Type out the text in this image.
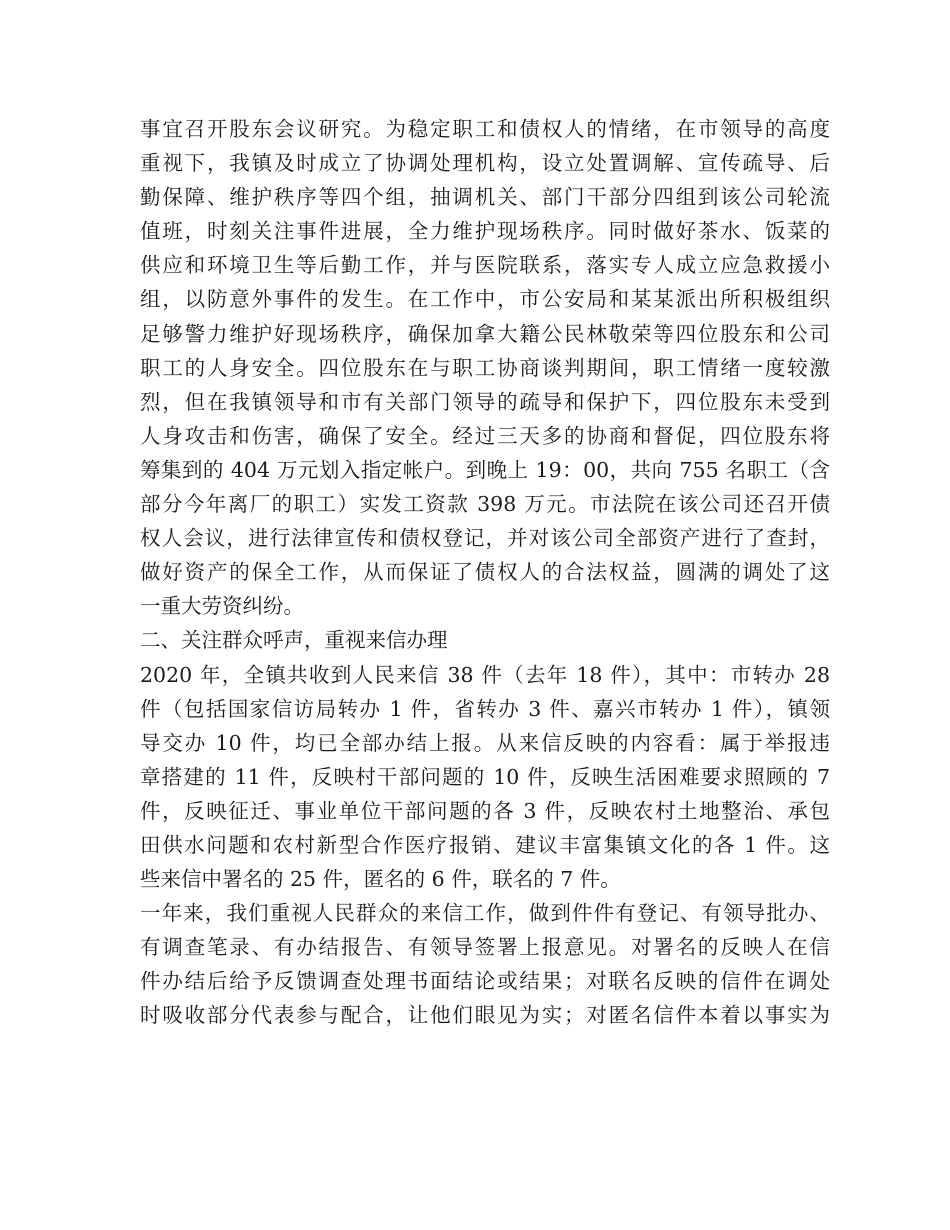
事宜召开股东会议研究。为稳定职工和债权人的情绪，在市领导的高度
重视下，我镇及时成立了协调处理机构，设立处置调解、宣传疏导、后
勤保障、维护秩序等四个组，抽调机关、部门干部分四组到该公司轮流
值班，时刻关注事件进展，全力维护现场秩序。同时做好茶水、饭菜的
供应和环境卫生等后勤工作，并与医院联系，落实专人成立应急救援小
组，以防意外事件的发生。在工作中，市公安局和某某派出所积极组织
足够警力维护好现场秩序，确保加拿大籍公民林敬荣等四位股东和公司
职工的人身安全。四位股东在与职工协商谈判期间，职工情绪一度较激
烈，但在我镇领导和市有关部门领导的疏导和保护下，四位股东未受到
人身攻击和伤害，确保了安全。经过三天多的协商和督促，四位股东将
筹集到的 404 万元划入指定帐户。到晚上 19：00，共向 755 名职工（含
部分今年离厂的职工）实发工资款 398 万元。市法院在该公司还召开债
权人会议，进行法律宣传和债权登记，并对该公司全部资产进行了查封，
做好资产的保全工作，从而保证了债权人的合法权益，圆满的调处了这
一重大劳资纠纷。
二、关注群众呼声，重视来信办理
2020 年，全镇共收到人民来信 38 件（去年 18 件），其中：市转办 28
件（包括国家信访局转办 1 件，省转办 3 件、嘉兴市转办 1 件），镇领
导交办 10 件，均已全部办结上报。从来信反映的内容看：属于举报违
章搭建的 11 件，反映村干部问题的 10 件，反映生活困难要求照顾的 7
件，反映征迁、事业单位干部问题的各 3 件，反映农村土地整治、承包
田供水问题和农村新型合作医疗报销、建议丰富集镇文化的各 1 件。这
些来信中署名的 25 件，匿名的 6 件，联名的 7 件。
一年来，我们重视人民群众的来信工作，做到件件有登记、有领导批办、
有调查笔录、有办结报告、有领导签署上报意见。对署名的反映人在信
件办结后给予反馈调查处理书面结论或结果；对联名反映的信件在调处
时吸收部分代表参与配合，让他们眼见为实；对匿名信件本着以事实为
